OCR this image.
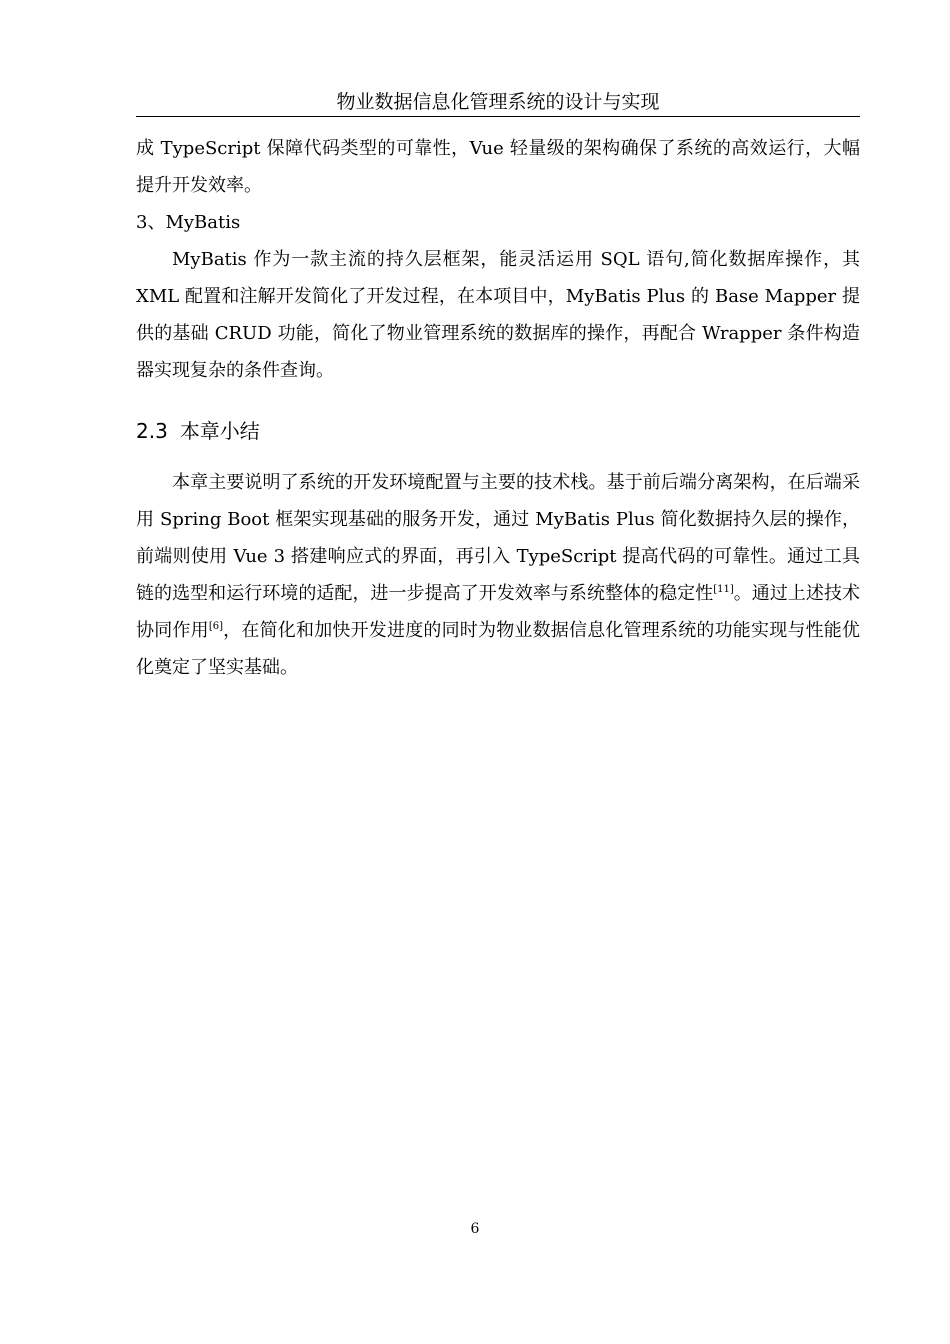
物业数据信息化管理系统的设计与实现

成 TypeScript 保障代码类型的可靠性，Vue 轻量级的架构确保了系统的高效运行，大幅提升开发效率。

3、MyBatis

MyBatis 作为一款主流的持久层框架，能灵活运用 SQL 语句,简化数据库操作，其 XML 配置和注解开发简化了开发过程，在本项目中，MyBatis Plus 的 Base Mapper 提供的基础 CRUD 功能，简化了物业管理系统的数据库的操作，再配合 Wrapper 条件构造器实现复杂的条件查询。

2.3 本章小结

本章主要说明了系统的开发环境配置与主要的技术栈。基于前后端分离架构，在后端采用 Spring Boot 框架实现基础的服务开发，通过 MyBatis Plus 简化数据持久层的操作，前端则使用 Vue 3 搭建响应式的界面，再引入 TypeScript 提高代码的可靠性。通过工具链的选型和运行环境的适配，进一步提高了开发效率与系统整体的稳定性[11]。通过上述技术协同作用[6]，在简化和加快开发进度的同时为物业数据信息化管理系统的功能实现与性能优化奠定了坚实基础。

6
